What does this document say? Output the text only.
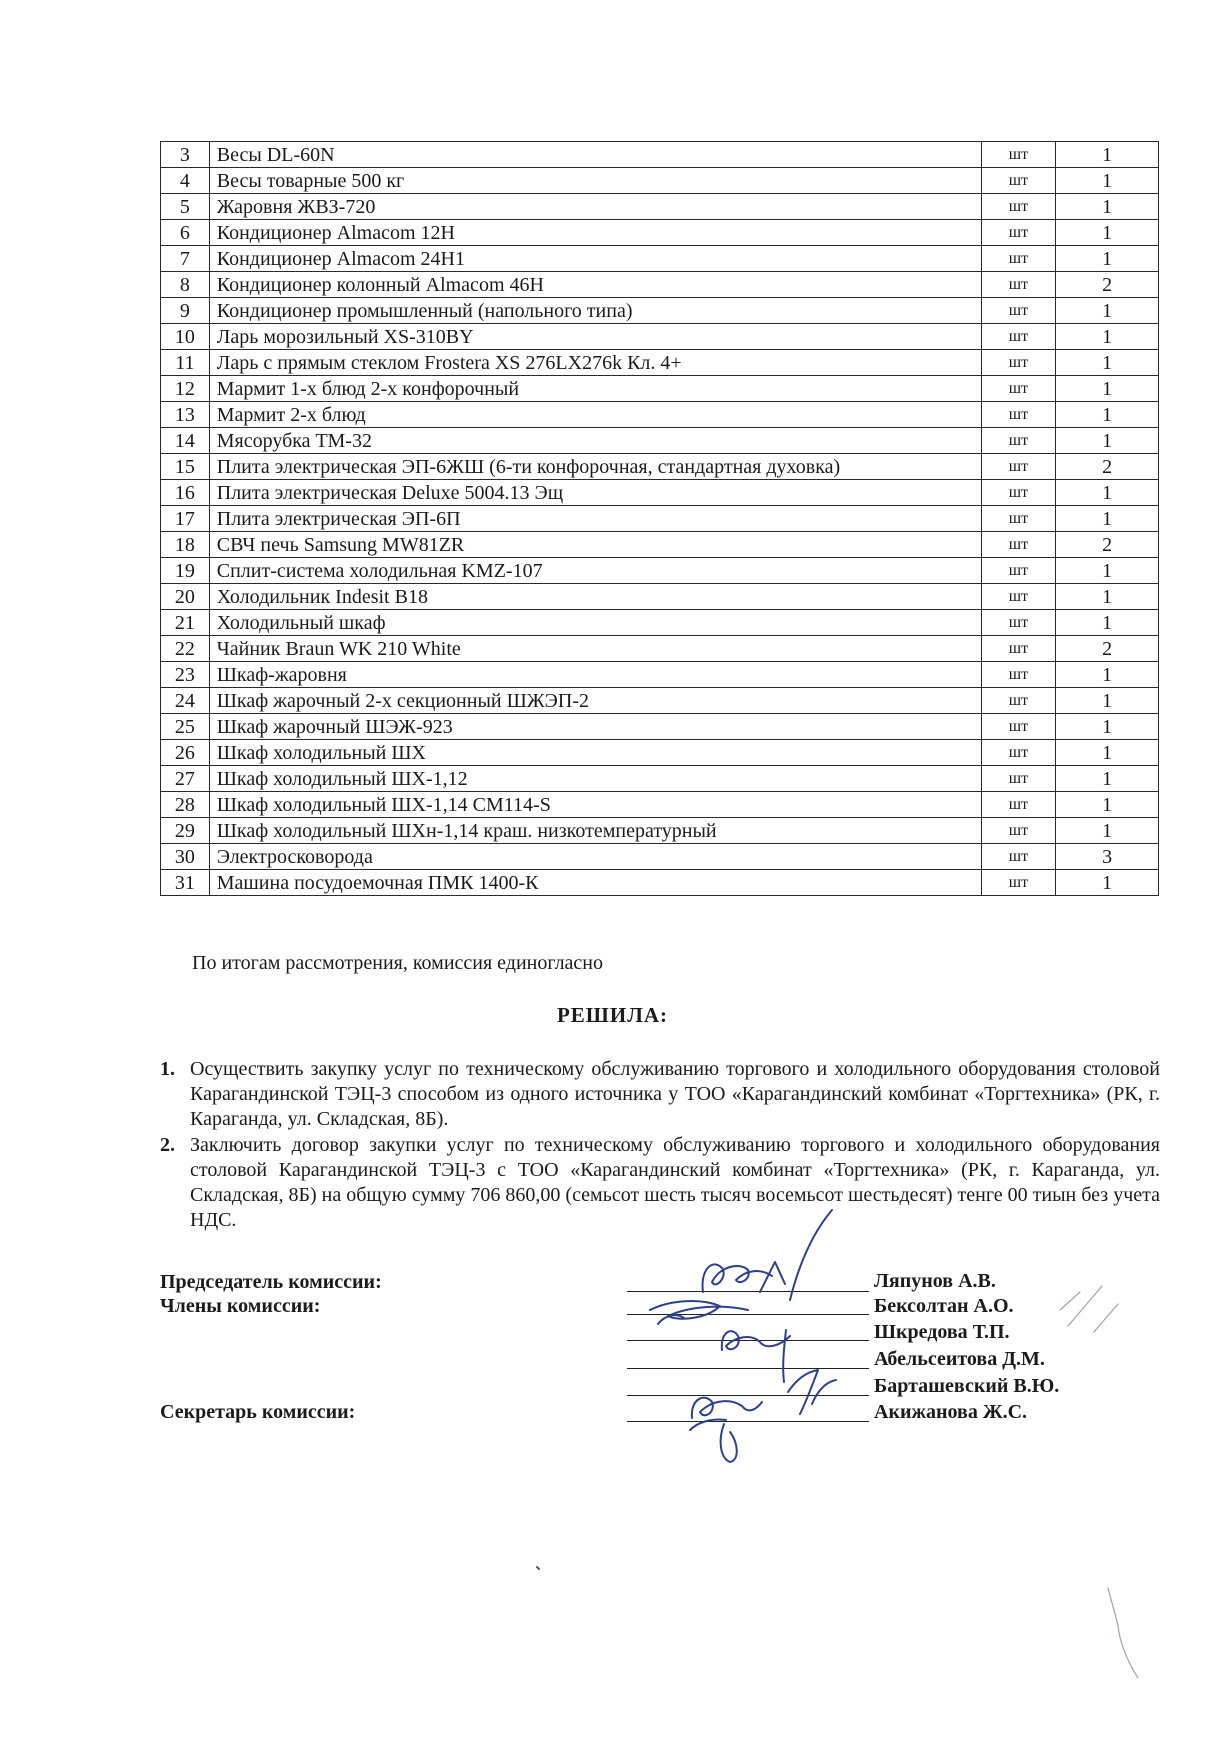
3	Весы DL-60N	шт	1
4	Весы товарные 500 кг	шт	1
5	Жаровня ЖВЗ-720	шт	1
6	Кондиционер Almacom 12H	шт	1
7	Кондиционер Almacom 24H1	шт	1
8	Кондиционер колонный Almacom 46H	шт	2
9	Кондиционер промышленный (напольного типа)	шт	1
10	Ларь морозильный XS-310BY	шт	1
11	Ларь с прямым стеклом Frostera XS 276LX276k Кл. 4+	шт	1
12	Мармит 1-х блюд 2-х конфорочный	шт	1
13	Мармит 2-х блюд	шт	1
14	Мясорубка ТМ-32	шт	1
15	Плита электрическая ЭП-6ЖШ (6-ти конфорочная, стандартная духовка)	шт	2
16	Плита электрическая Deluxe 5004.13 Эщ	шт	1
17	Плита электрическая ЭП-6П	шт	1
18	СВЧ печь Samsung MW81ZR	шт	2
19	Сплит-система холодильная KMZ-107	шт	1
20	Холодильник Indesit B18	шт	1
21	Холодильный шкаф	шт	1
22	Чайник Braun WK 210 White	шт	2
23	Шкаф-жаровня	шт	1
24	Шкаф жарочный 2-х секционный ШЖЭП-2	шт	1
25	Шкаф жарочный ШЭЖ-923	шт	1
26	Шкаф холодильный ШХ	шт	1
27	Шкаф холодильный ШХ-1,12	шт	1
28	Шкаф холодильный ШХ-1,14 СМ114-S	шт	1
29	Шкаф холодильный ШХн-1,14 краш. низкотемпературный	шт	1
30	Электросковорода	шт	3
31	Машина посудоемочная ПМК 1400-К	шт	1
По итогам рассмотрения, комиссия единогласно
РЕШИЛА:
1. Осуществить закупку услуг по техническому обслуживанию торгового и холодильного оборудования столовой Карагандинской ТЭЦ-3 способом из одного источника у ТОО «Карагандинский комбинат «Торгтехника» (РК, г. Караганда, ул. Складская, 8Б).
2. Заключить договор закупки услуг по техническому обслуживанию торгового и холодильного оборудования столовой Карагандинской ТЭЦ-3 с ТОО «Карагандинский комбинат «Торгтехника» (РК, г. Караганда, ул. Складская, 8Б) на общую сумму 706 860,00 (семьсот шесть тысяч восемьсот шестьдесят) тенге 00 тиын без учета НДС.
Председатель комиссии:
Члены комиссии:
Секретарь комиссии:
Ляпунов А.В.
Бексолтан А.О.
Шкредова Т.П.
Абельсеитова Д.М.
Барташевский В.Ю.
Акижанова Ж.С.
